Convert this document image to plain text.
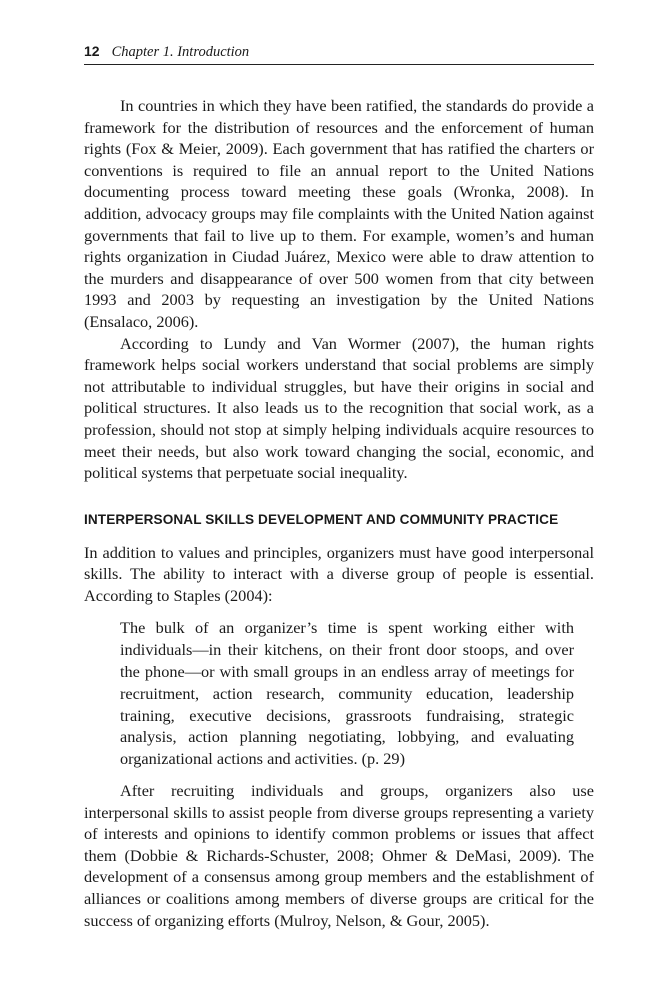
12 Chapter 1. Introduction

In countries in which they have been ratified, the standards do provide a framework for the distribution of resources and the enforcement of human rights (Fox & Meier, 2009). Each government that has ratified the charters or conventions is required to file an annual report to the United Nations documenting process toward meeting these goals (Wronka, 2008). In addition, advocacy groups may file complaints with the United Nation against governments that fail to live up to them. For example, women’s and human rights organization in Ciudad Juárez, Mexico were able to draw attention to the murders and disappearance of over 500 women from that city between 1993 and 2003 by requesting an investigation by the United Nations (Ensalaco, 2006).

According to Lundy and Van Wormer (2007), the human rights framework helps social workers understand that social problems are simply not attributable to individual struggles, but have their origins in social and political structures. It also leads us to the recognition that social work, as a profession, should not stop at simply helping individuals acquire resources to meet their needs, but also work toward changing the social, economic, and political systems that perpetuate social inequality.

INTERPERSONAL SKILLS DEVELOPMENT AND COMMUNITY PRACTICE

In addition to values and principles, organizers must have good interpersonal skills. The ability to interact with a diverse group of people is essential. According to Staples (2004):

The bulk of an organizer’s time is spent working either with individuals—in their kitchens, on their front door stoops, and over the phone—or with small groups in an endless array of meetings for recruitment, action research, community education, leadership training, executive decisions, grassroots fundraising, strategic analysis, action planning negotiating, lobbying, and evaluating organizational actions and activities. (p. 29)

After recruiting individuals and groups, organizers also use interpersonal skills to assist people from diverse groups representing a variety of interests and opinions to identify common problems or issues that affect them (Dobbie & Richards-Schuster, 2008; Ohmer & DeMasi, 2009). The development of a consensus among group members and the establishment of alliances or coalitions among members of diverse groups are critical for the success of organizing efforts (Mulroy, Nelson, & Gour, 2005).
